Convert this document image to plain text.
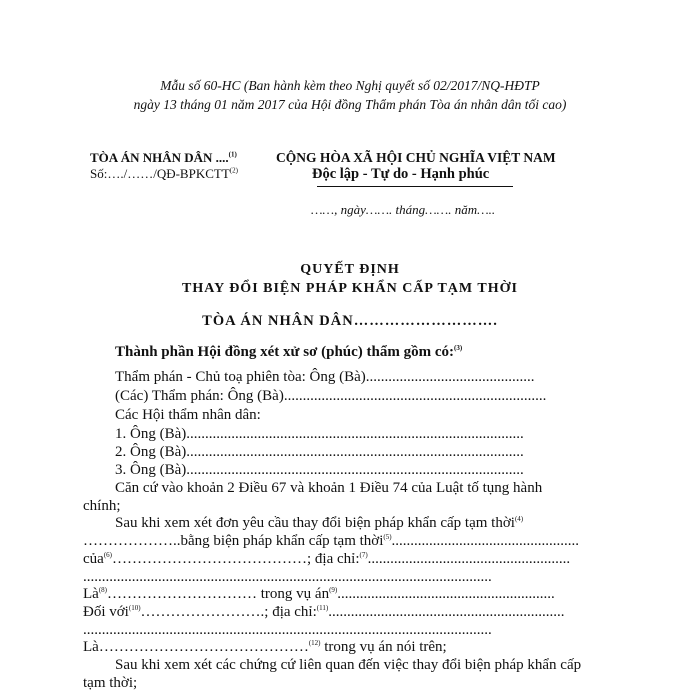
Mẫu số 60-HC (Ban hành kèm theo Nghị quyết số 02/2017/NQ-HĐTP
ngày 13 tháng 01 năm 2017 của Hội đồng Thẩm phán Tòa án nhân dân tối cao)
TÒA ÁN NHÂN DÂN ....$^{(1)}$
Số:…./……/QĐ-BPKCTT$^{(2)}$
CỘNG HÒA XÃ HỘI CHỦ NGHĨA VIỆT NAM
Độc lập - Tự do - Hạnh phúc
……, ngày……. tháng……. năm…..
QUYẾT ĐỊNH
THAY ĐỔI BIỆN PHÁP KHẨN CẤP TẠM THỜI
TÒA ÁN NHÂN DÂN……………………….
Thành phần Hội đồng xét xử sơ (phúc) thẩm gồm có:$^{(3)}$
Thẩm phán - Chủ toạ phiên tòa: Ông (Bà).............................................
(Các) Thẩm phán: Ông (Bà)......................................................................
Các Hội thẩm nhân dân:
1. Ông (Bà)..........................................................................................
2. Ông (Bà)..........................................................................................
3. Ông (Bà)..........................................................................................
Căn cứ vào khoản 2 Điều 67 và khoản 1 Điều 74 của Luật tố tụng hành
chính;
Sau khi xem xét đơn yêu cầu thay đổi biện pháp khẩn cấp tạm thời$^{(4)}$
………………..bằng biện pháp khẩn cấp tạm thời$^{(5)}$..................................................
của$^{(6)}$…………………………………; địa chỉ:$^{(7)}$......................................................
.............................................................................................................
$Là^{(8)}\dots\dots\dots\dots\dots\dots\dots\dots\dots\dots$ trong vụ $án^{(9)}$..........................................................
Đối với$^{(10)}$…………………….; địa chỉ:$^{(11)}$...............................................................
.............................................................................................................
Là……………………………………$^{(12)}$ trong vụ án nói trên;
Sau khi xem xét các chứng cứ liên quan đến việc thay đổi biện pháp khẩn cấp
tạm thời;
